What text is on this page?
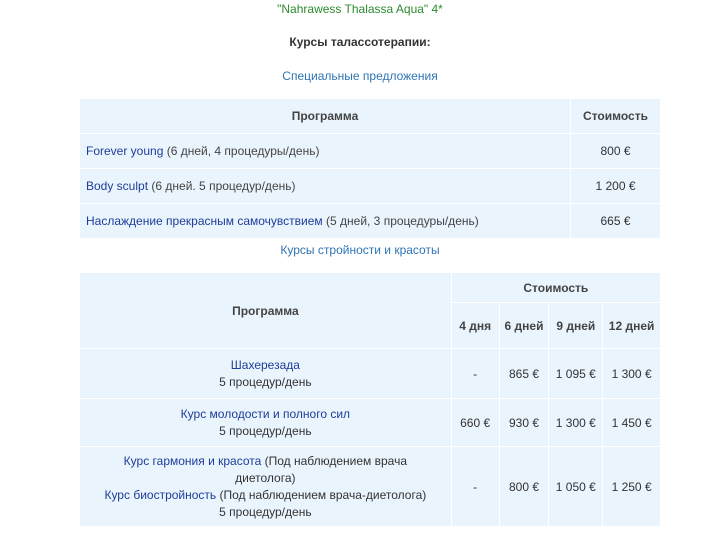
"Nahrawess Thalassa Aqua" 4*
Курсы талассотерапии:
Специальные предложения
Программа	Стоимость
Forever young (6 дней, 4 процедуры/день)	800 €
Body sculpt (6 дней. 5 процедур/день)	1 200 €
Наслаждение прекрасным самочувствием (5 дней, 3 процедуры/день)	665 €
Курсы стройности и красоты
Программа	Стоимость			
	4 дня	6 дней	9 дней	12 дней

Шахерезада
5 процедур/день	-	865 €	1 095 €	1 300 €

Курс молодости и полного сил
5 процедур/день	660 €	930 €	1 300 €	1 450 €

Курс гармония и красота (Под наблюдением врача диетолога)
Курс биостройность (Под наблюдением врача-диетолога)
5 процедур/день	-	800 €	1 050 €	1 250 €
